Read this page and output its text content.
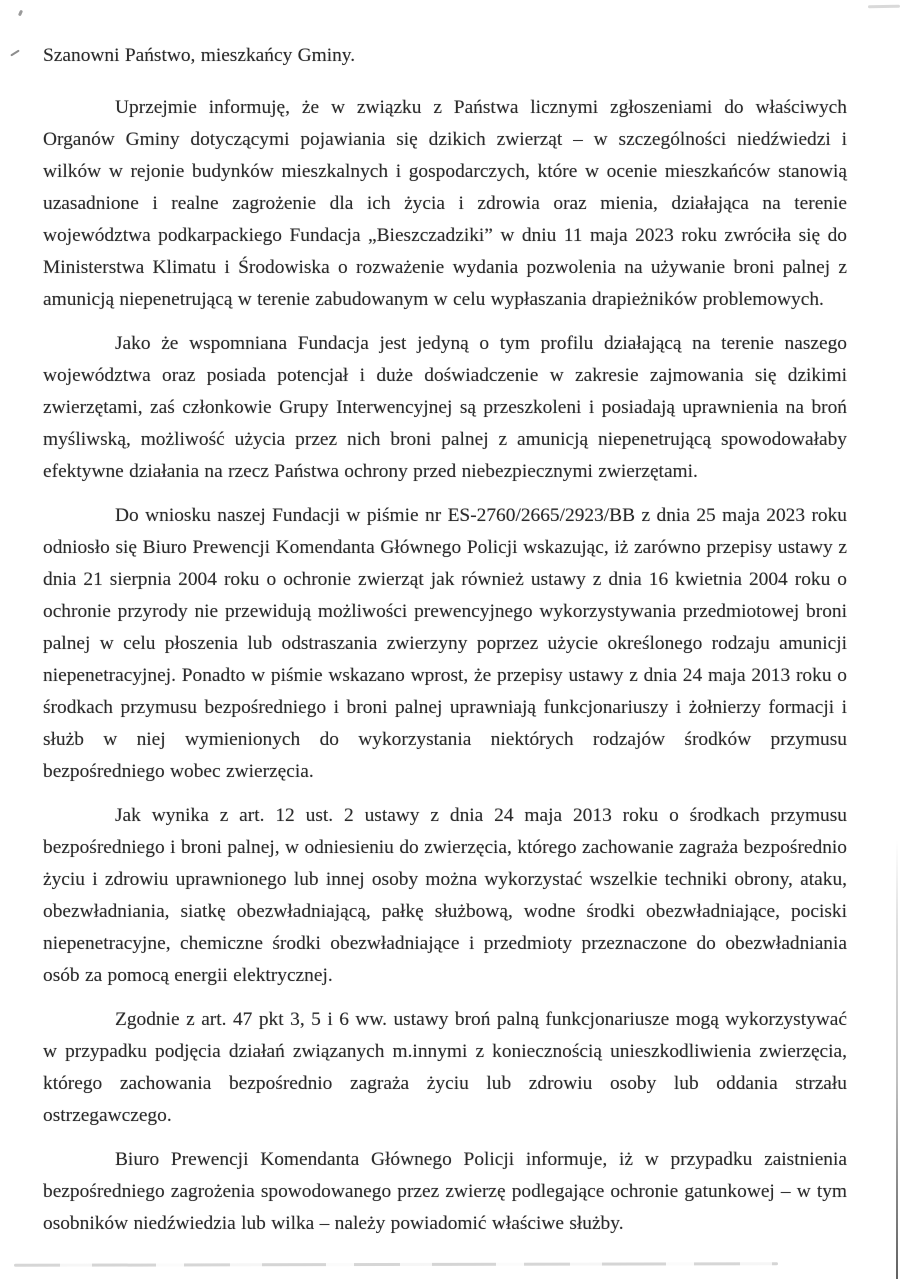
Szanowni Państwo, mieszkańcy Gminy.

Uprzejmie informuję, że w związku z Państwa licznymi zgłoszeniami do właściwych Organów Gminy dotyczącymi pojawiania się dzikich zwierząt – w szczególności niedźwiedzi i wilków w rejonie budynków mieszkalnych i gospodarczych, które w ocenie mieszkańców stanowią uzasadnione i realne zagrożenie dla ich życia i zdrowia oraz mienia, działająca na terenie województwa podkarpackiego Fundacja „Bieszczadziki” w dniu 11 maja 2023 roku zwróciła się do Ministerstwa Klimatu i Środowiska o rozważenie wydania pozwolenia na używanie broni palnej z amunicją niepenetrującą w terenie zabudowanym w celu wypłaszania drapieżników problemowych.

Jako że wspomniana Fundacja jest jedyną o tym profilu działającą na terenie naszego województwa oraz posiada potencjał i duże doświadczenie w zakresie zajmowania się dzikimi zwierzętami, zaś członkowie Grupy Interwencyjnej są przeszkoleni i posiadają uprawnienia na broń myśliwską, możliwość użycia przez nich broni palnej z amunicją niepenetrującą spowodowałaby efektywne działania na rzecz Państwa ochrony przed niebezpiecznymi zwierzętami.

Do wniosku naszej Fundacji w piśmie nr ES-2760/2665/2923/BB z dnia 25 maja 2023 roku odniosło się Biuro Prewencji Komendanta Głównego Policji wskazując, iż zarówno przepisy ustawy z dnia 21 sierpnia 2004 roku o ochronie zwierząt jak również ustawy z dnia 16 kwietnia 2004 roku o ochronie przyrody nie przewidują możliwości prewencyjnego wykorzystywania przedmiotowej broni palnej w celu płoszenia lub odstraszania zwierzyny poprzez użycie określonego rodzaju amunicji niepenetracyjnej. Ponadto w piśmie wskazano wprost, że przepisy ustawy z dnia 24 maja 2013 roku o środkach przymusu bezpośredniego i broni palnej uprawniają funkcjonariuszy i żołnierzy formacji i służb w niej wymienionych do wykorzystania niektórych rodzajów środków przymusu bezpośredniego wobec zwierzęcia.

Jak wynika z art. 12 ust. 2 ustawy z dnia 24 maja 2013 roku o środkach przymusu bezpośredniego i broni palnej, w odniesieniu do zwierzęcia, którego zachowanie zagraża bezpośrednio życiu i zdrowiu uprawnionego lub innej osoby można wykorzystać wszelkie techniki obrony, ataku, obezwładniania, siatkę obezwładniającą, pałkę służbową, wodne środki obezwładniające, pociski niepenetracyjne, chemiczne środki obezwładniające i przedmioty przeznaczone do obezwładniania osób za pomocą energii elektrycznej.

Zgodnie z art. 47 pkt 3, 5 i 6 ww. ustawy broń palną funkcjonariusze mogą wykorzystywać w przypadku podjęcia działań związanych m.innymi z koniecznością unieszkodliwienia zwierzęcia, którego zachowania bezpośrednio zagraża życiu lub zdrowiu osoby lub oddania strzału ostrzegawczego.

Biuro Prewencji Komendanta Głównego Policji informuje, iż w przypadku zaistnienia bezpośredniego zagrożenia spowodowanego przez zwierzę podlegające ochronie gatunkowej – w tym osobników niedźwiedzia lub wilka – należy powiadomić właściwe służby.
